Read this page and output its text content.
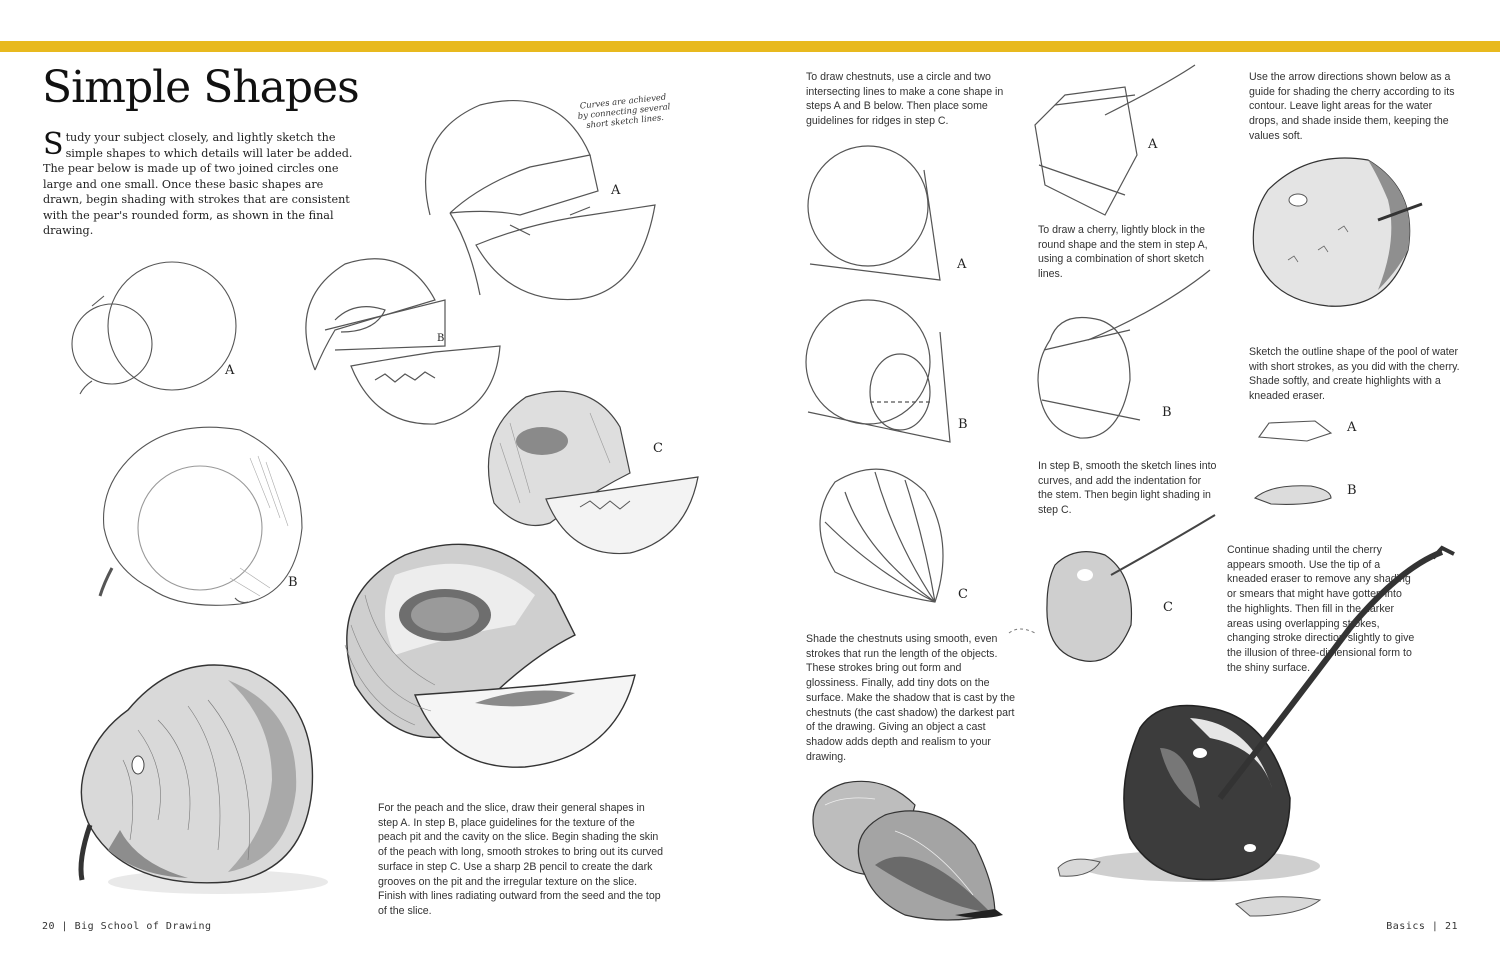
Simple Shapes

Study your subject closely, and lightly sketch the simple shapes to which details will later be added. The pear below is made up of two joined circles one large and one small. Once these basic shapes are drawn, begin shading with strokes that are consistent with the pear's rounded form, as shown in the final drawing.

Curves are achieved by connecting several short sketch lines.

A
B
C

For the peach and the slice, draw their general shapes in step A. In step B, place guidelines for the texture of the peach pit and the cavity on the slice. Begin shading the skin of the peach with long, smooth strokes to bring out its curved surface in step C. Use a sharp 2B pencil to create the dark grooves on the pit and the irregular texture on the slice. Finish with lines radiating outward from the seed and the top of the slice.

A
B
20 | Big School of Drawing

To draw chestnuts, use a circle and two intersecting lines to make a cone shape in steps A and B below. Then place some guidelines for ridges in step C.

A
B
C

Shade the chestnuts using smooth, even strokes that run the length of the objects. These strokes bring out form and glossiness. Finally, add tiny dots on the surface. Make the shadow that is cast by the chestnuts (the cast shadow) the darkest part of the drawing. Giving an object a cast shadow adds depth and realism to your drawing.

To draw a cherry, lightly block in the round shape and the stem in step A, using a combination of short sketch lines.

In step B, smooth the sketch lines into curves, and add the indentation for the stem. Then begin light shading in step C.

A
B
C

Use the arrow directions shown below as a guide for shading the cherry according to its contour. Leave light areas for the water drops, and shade inside them, keeping the values soft.

Sketch the outline shape of the pool of water with short strokes, as you did with the cherry. Shade softly, and create highlights with a kneaded eraser.

A
B

Continue shading until the cherry appears smooth. Use the tip of a kneaded eraser to remove any shading or smears that might have gotten into the highlights. Then fill in the darker areas using overlapping strokes, changing stroke direction slightly to give the illusion of three-dimensional form to the shiny surface.

Basics | 21
